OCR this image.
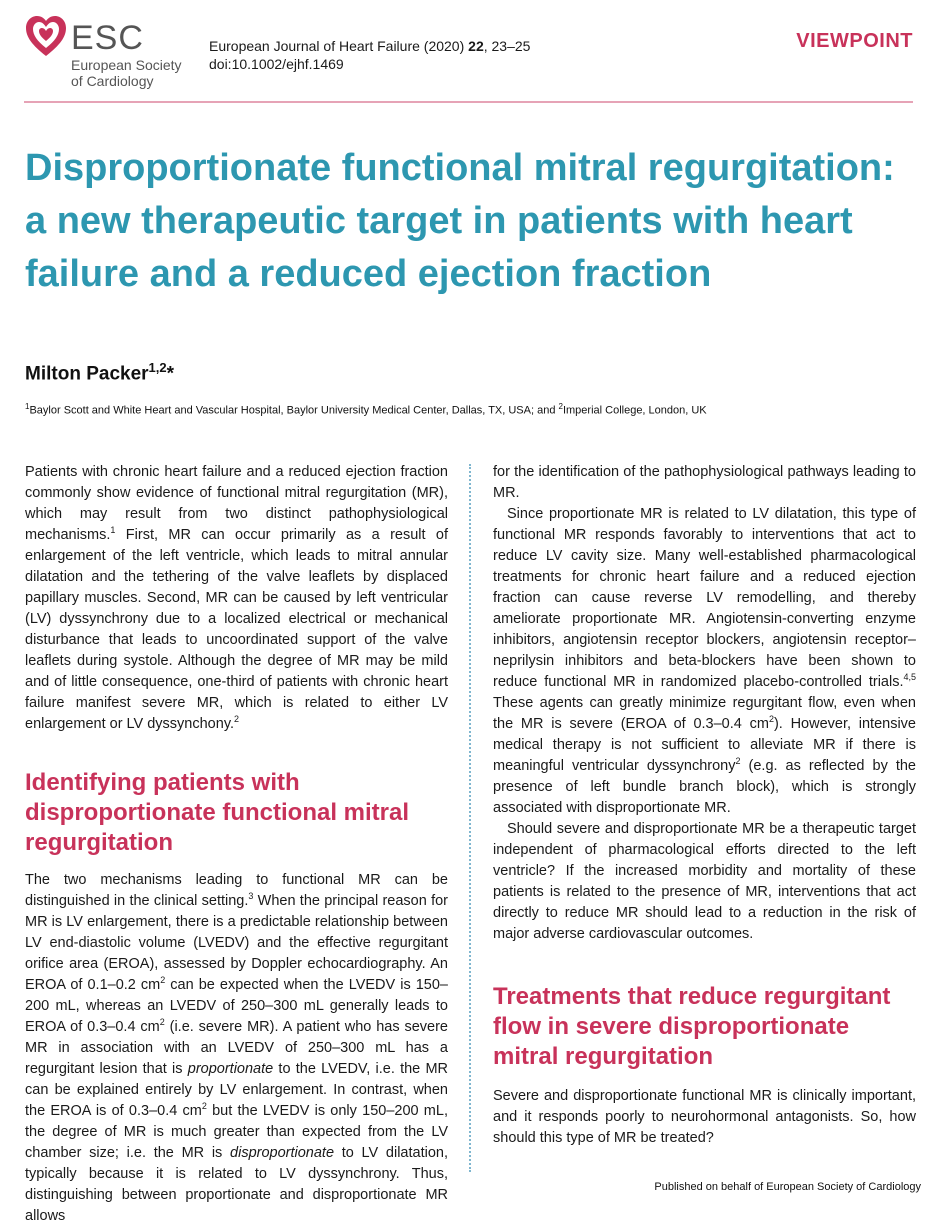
ESC
European Society
of Cardiology
European Journal of Heart Failure (2020) 22, 23–25
doi:10.1002/ejhf.1469
VIEWPOINT
Disproportionate functional mitral regurgitation: a new therapeutic target in patients with heart failure and a reduced ejection fraction
Milton Packer$^{1,2}$*
$^1$Baylor Scott and White Heart and Vascular Hospital, Baylor University Medical Center, Dallas, TX, USA; and $^2$Imperial College, London, UK

Patients with chronic heart failure and a reduced ejection fraction commonly show evidence of functional mitral regurgitation (MR), which may result from two distinct pathophysiological mechanisms.$^1$ First, MR can occur primarily as a result of enlargement of the left ventricle, which leads to mitral annular dilatation and the tethering of the valve leaflets by displaced papillary muscles. Second, MR can be caused by left ventricular (LV) dyssynchrony due to a localized electrical or mechanical disturbance that leads to uncoordinated support of the valve leaflets during systole. Although the degree of MR may be mild and of little consequence, one-third of patients with chronic heart failure manifest severe MR, which is related to either LV enlargement or LV dyssynchony.$^2$

Identifying patients with disproportionate functional mitral regurgitation

The two mechanisms leading to functional MR can be distinguished in the clinical setting.$^3$ When the principal reason for MR is LV enlargement, there is a predictable relationship between LV end-diastolic volume (LVEDV) and the effective regurgitant orifice area (EROA), assessed by Doppler echocardiography. An EROA of 0.1–0.2 $cm^2$ can be expected when the LVEDV is 150–200 mL, whereas an LVEDV of 250–300 mL generally leads to EROA of 0.3–0.4 $cm^2$ (i.e. severe MR). A patient who has severe MR in association with an LVEDV of 250–300 mL has a regurgitant lesion that is proportionate to the LVEDV, i.e. the MR can be explained entirely by LV enlargement. In contrast, when the EROA is of 0.3–0.4 $cm^2$ but the LVEDV is only 150–200 mL, the degree of MR is much greater than expected from the LV chamber size; i.e. the MR is disproportionate to LV dilatation, typically because it is related to LV dyssynchrony. Thus, distinguishing between proportionate and disproportionate MR allows

for the identification of the pathophysiological pathways leading to MR.

Since proportionate MR is related to LV dilatation, this type of functional MR responds favorably to interventions that act to reduce LV cavity size. Many well-established pharmacological treatments for chronic heart failure and a reduced ejection fraction can cause reverse LV remodelling, and thereby ameliorate proportionate MR. Angiotensin-converting enzyme inhibitors, angiotensin receptor blockers, angiotensin receptor–neprilysin inhibitors and beta-blockers have been shown to reduce functional MR in randomized placebo-controlled trials.$^{4,5}$ These agents can greatly minimize regurgitant flow, even when the MR is severe (EROA of 0.3–0.4 $cm^2$). However, intensive medical therapy is not sufficient to alleviate MR if there is meaningful ventricular dyssynchrony$^2$ (e.g. as reflected by the presence of left bundle branch block), which is strongly associated with disproportionate MR.

Should severe and disproportionate MR be a therapeutic target independent of pharmacological efforts directed to the left ventricle? If the increased morbidity and mortality of these patients is related to the presence of MR, interventions that act directly to reduce MR should lead to a reduction in the risk of major adverse cardiovascular outcomes.

Treatments that reduce regurgitant flow in severe disproportionate mitral regurgitation

Severe and disproportionate functional MR is clinically important, and it responds poorly to neurohormonal antagonists. So, how should this type of MR be treated?

Published on behalf of European Society of Cardiology
